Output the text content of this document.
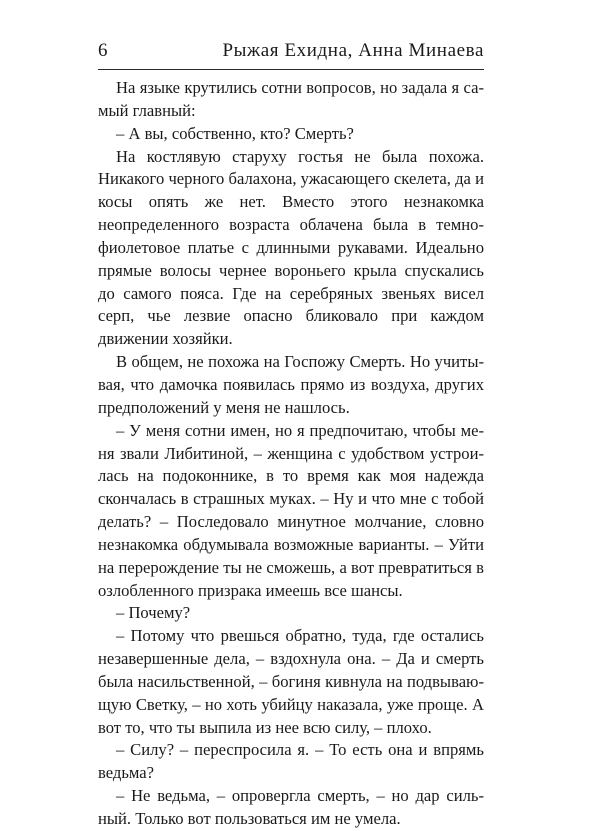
6	Рыжая Ехидна, Анна Минаева

На языке крутились сотни вопросов, но задала я самый главный:

– А вы, собственно, кто? Смерть?

На костлявую старуху гостья не была похожа. Никакого черного балахона, ужасающего скелета, да и косы опять же нет. Вместо этого незнакомка неопределенного возраста облачена была в темно-фиолетовое платье с длинными рукавами. Идеально прямые волосы чернее вороньего крыла спускались до самого пояса. Где на серебряных звеньях висел серп, чье лезвие опасно бликовало при каждом движении хозяйки.

В общем, не похожа на Госпожу Смерть. Но учитывая, что дамочка появилась прямо из воздуха, других предположений у меня не нашлось.

– У меня сотни имен, но я предпочитаю, чтобы меня звали Либитиной, – женщина с удобством устроилась на подоконнике, в то время как моя надежда скончалась в страшных муках. – Ну и что мне с тобой делать? – Последовало минутное молчание, словно незнакомка обдумывала возможные варианты. – Уйти на перерождение ты не сможешь, а вот превратиться в озлобленного призрака имеешь все шансы.

– Почему?

– Потому что рвешься обратно, туда, где остались незавершенные дела, – вздохнула она. – Да и смерть была насильственной, – богиня кивнула на подвывающую Светку, – но хоть убийцу наказала, уже проще. А вот то, что ты выпила из нее всю силу, – плохо.

– Силу? – переспросила я. – То есть она и впрямь ведьма?

– Не ведьма, – опровергла смерть, – но дар сильный. Только вот пользоваться им не умела.
